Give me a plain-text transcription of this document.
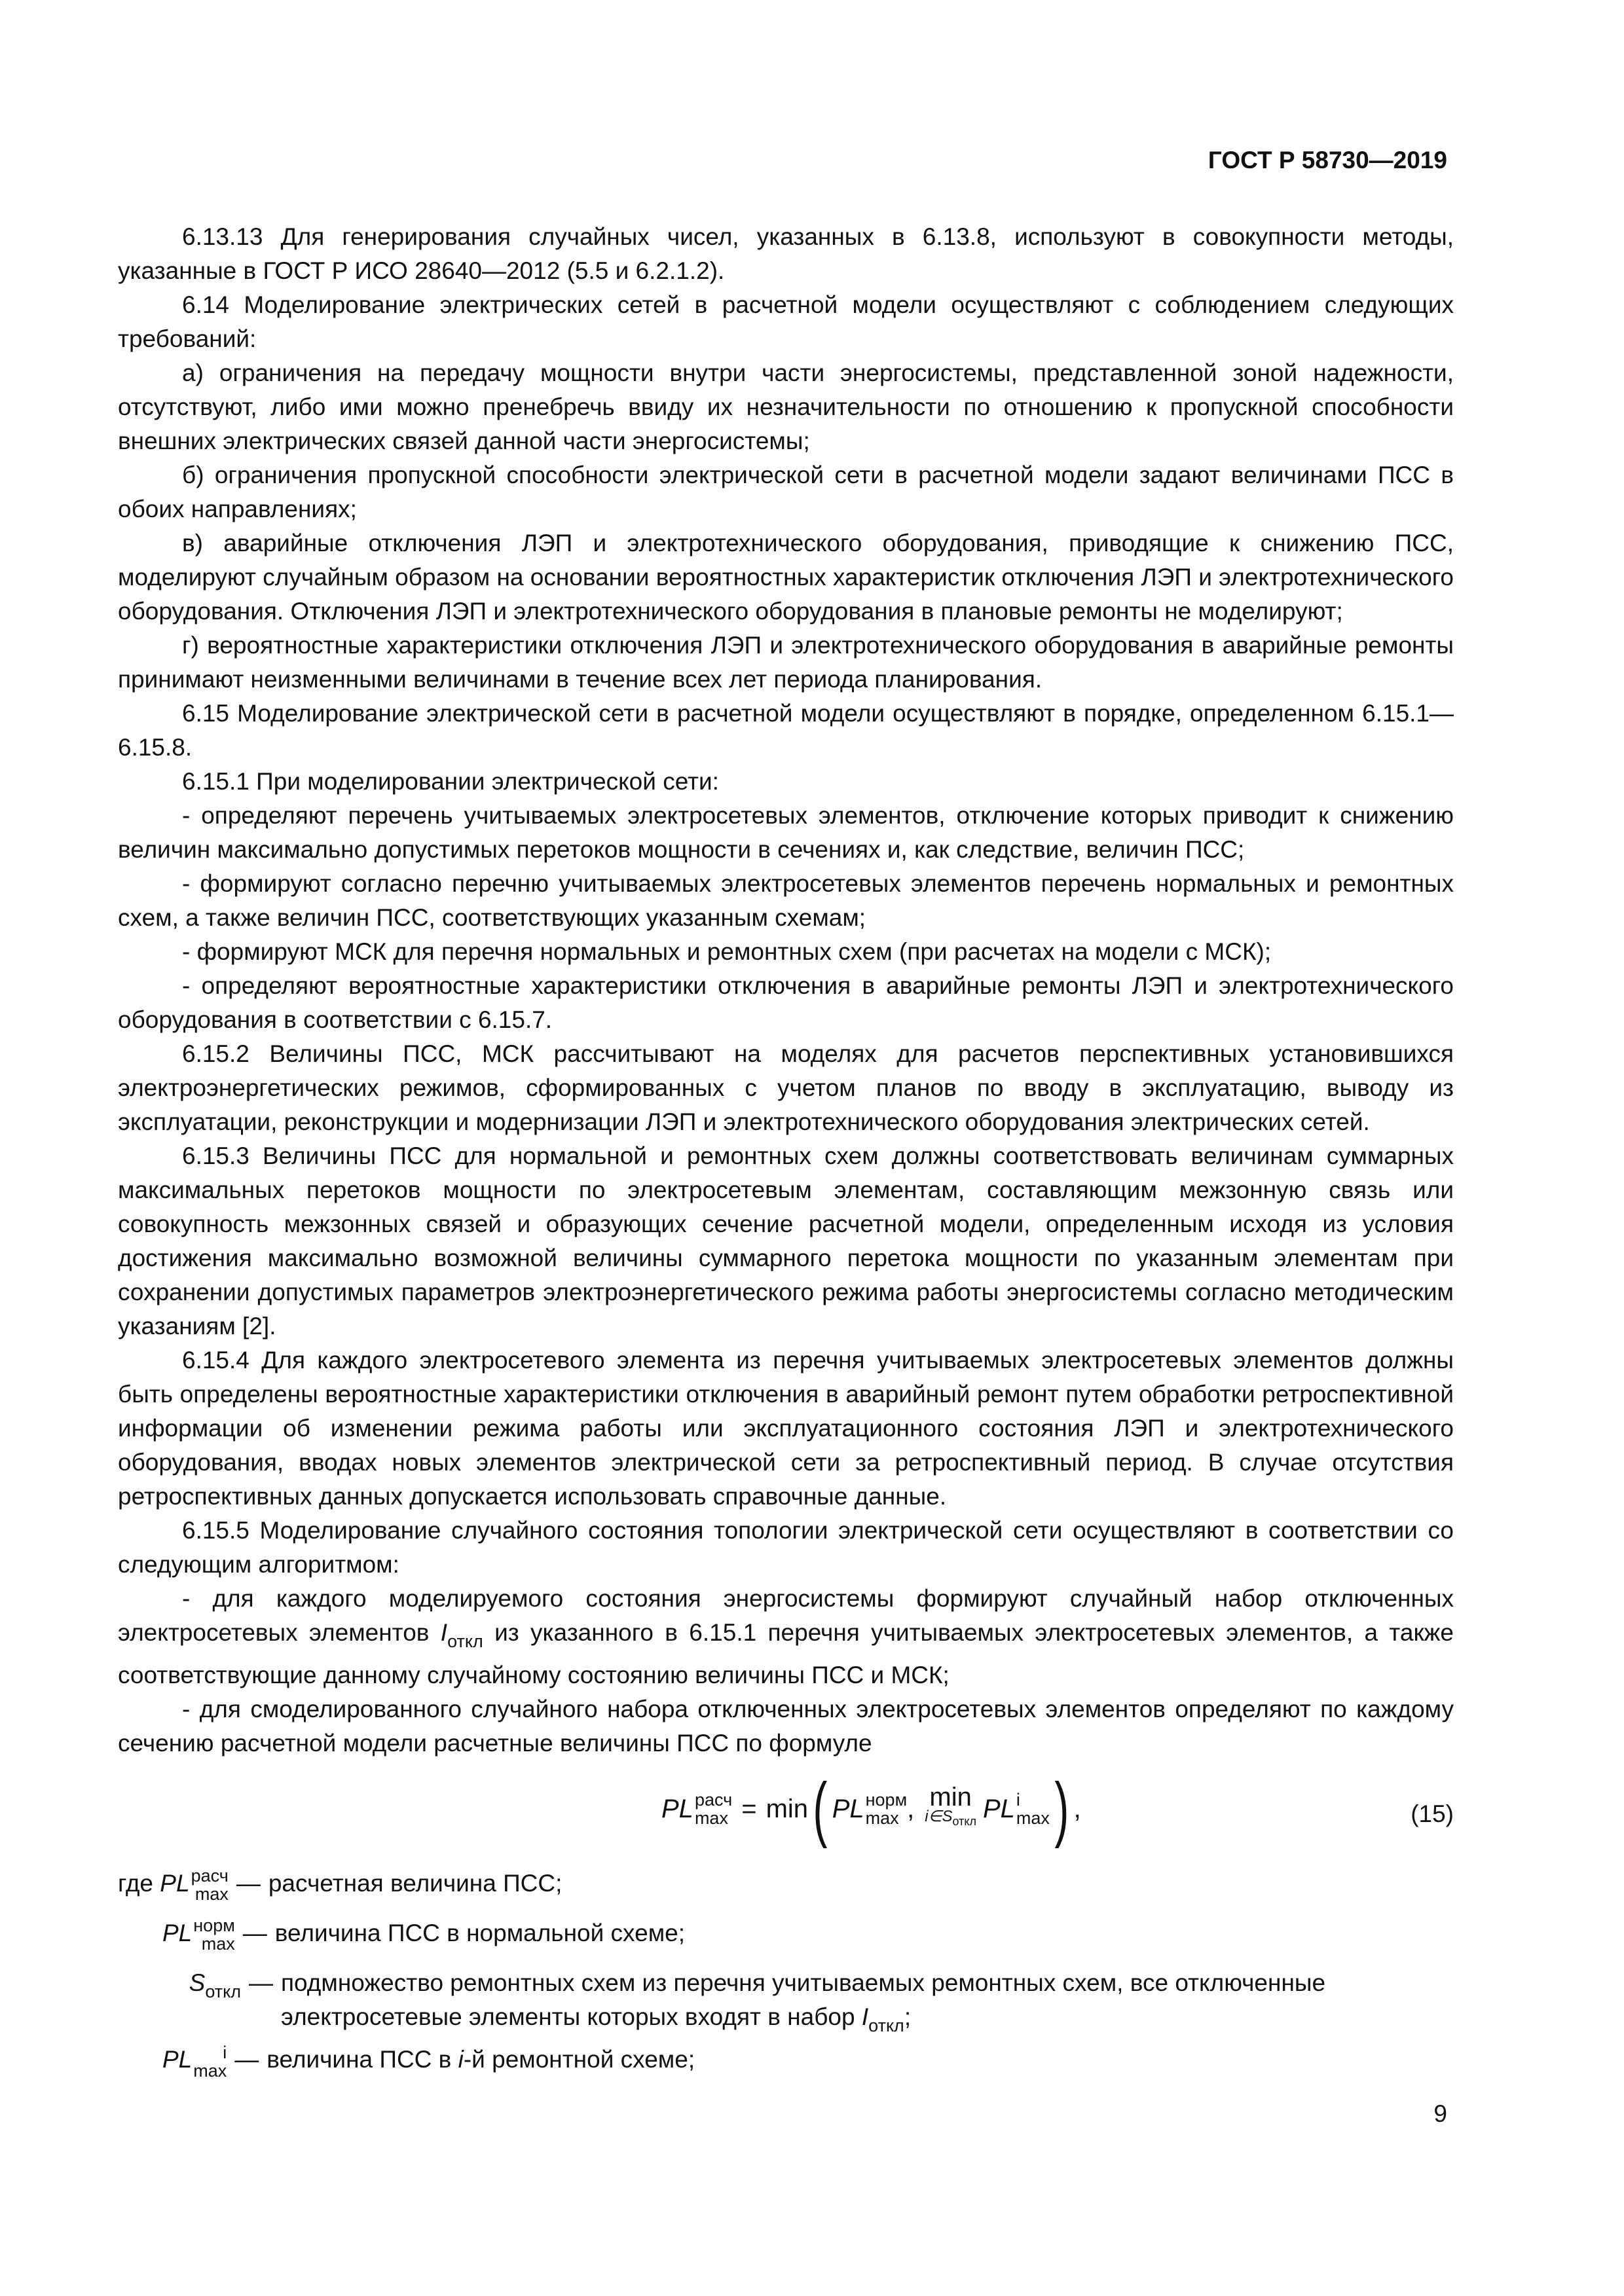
ГОСТ Р 58730—2019

6.13.13 Для генерирования случайных чисел, указанных в 6.13.8, используют в совокупности методы, указанные в ГОСТ Р ИСО 28640—2012 (5.5 и 6.2.1.2).

6.14 Моделирование электрических сетей в расчетной модели осуществляют с соблюдением следующих требований:

а) ограничения на передачу мощности внутри части энергосистемы, представленной зоной надежности, отсутствуют, либо ими можно пренебречь ввиду их незначительности по отношению к пропускной способности внешних электрических связей данной части энергосистемы;

б) ограничения пропускной способности электрической сети в расчетной модели задают величинами ПСС в обоих направлениях;

в) аварийные отключения ЛЭП и электротехнического оборудования, приводящие к снижению ПСС, моделируют случайным образом на основании вероятностных характеристик отключения ЛЭП и электротехнического оборудования. Отключения ЛЭП и электротехнического оборудования в плановые ремонты не моделируют;

г) вероятностные характеристики отключения ЛЭП и электротехнического оборудования в аварийные ремонты принимают неизменными величинами в течение всех лет периода планирования.

6.15 Моделирование электрической сети в расчетной модели осуществляют в порядке, определенном 6.15.1—6.15.8.

6.15.1 При моделировании электрической сети:

- определяют перечень учитываемых электросетевых элементов, отключение которых приводит к снижению величин максимально допустимых перетоков мощности в сечениях и, как следствие, величин ПСС;

- формируют согласно перечню учитываемых электросетевых элементов перечень нормальных и ремонтных схем, а также величин ПСС, соответствующих указанным схемам;

- формируют МСК для перечня нормальных и ремонтных схем (при расчетах на модели с МСК);

- определяют вероятностные характеристики отключения в аварийные ремонты ЛЭП и электротехнического оборудования в соответствии с 6.15.7.

6.15.2 Величины ПСС, МСК рассчитывают на моделях для расчетов перспективных установившихся электроэнергетических режимов, сформированных с учетом планов по вводу в эксплуатацию, выводу из эксплуатации, реконструкции и модернизации ЛЭП и электротехнического оборудования электрических сетей.

6.15.3 Величины ПСС для нормальной и ремонтных схем должны соответствовать величинам суммарных максимальных перетоков мощности по электросетевым элементам, составляющим межзонную связь или совокупность межзонных связей и образующих сечение расчетной модели, определенным исходя из условия достижения максимально возможной величины суммарного перетока мощности по указанным элементам при сохранении допустимых параметров электроэнергетического режима работы энергосистемы согласно методическим указаниям [2].

6.15.4 Для каждого электросетевого элемента из перечня учитываемых электросетевых элементов должны быть определены вероятностные характеристики отключения в аварийный ремонт путем обработки ретроспективной информации об изменении режима работы или эксплуатационного состояния ЛЭП и электротехнического оборудования, вводах новых элементов электрической сети за ретроспективный период. В случае отсутствия ретроспективных данных допускается использовать справочные данные.

6.15.5 Моделирование случайного состояния топологии электрической сети осуществляют в соответствии со следующим алгоритмом:

- для каждого моделируемого состояния энергосистемы формируют случайный набор отключенных электросетевых элементов $I_{откл}$ из указанного в 6.15.1 перечня учитываемых электросетевых элементов, а также соответствующие данному случайному состоянию величины ПСС и МСК;

- для смоделированного случайного набора отключенных электросетевых элементов определяют по каждому сечению расчетной модели расчетные величины ПСС по формуле

PL расч
max = min ( PL норм
max , min
$i\in S_{откл}$ PL i
max ) ,	(15)
где PL расч
max — расчетная величина ПСС;
PL норм
max — величина ПСС в нормальной схеме;
$S_{откл}$ — подмножество ремонтных схем из перечня учитываемых ремонтных схем, все отключенные электросетевые элементы которых входят в набор $I_{откл}$;
PL	i
max — величина ПСС в i-й ремонтной схеме;
9
